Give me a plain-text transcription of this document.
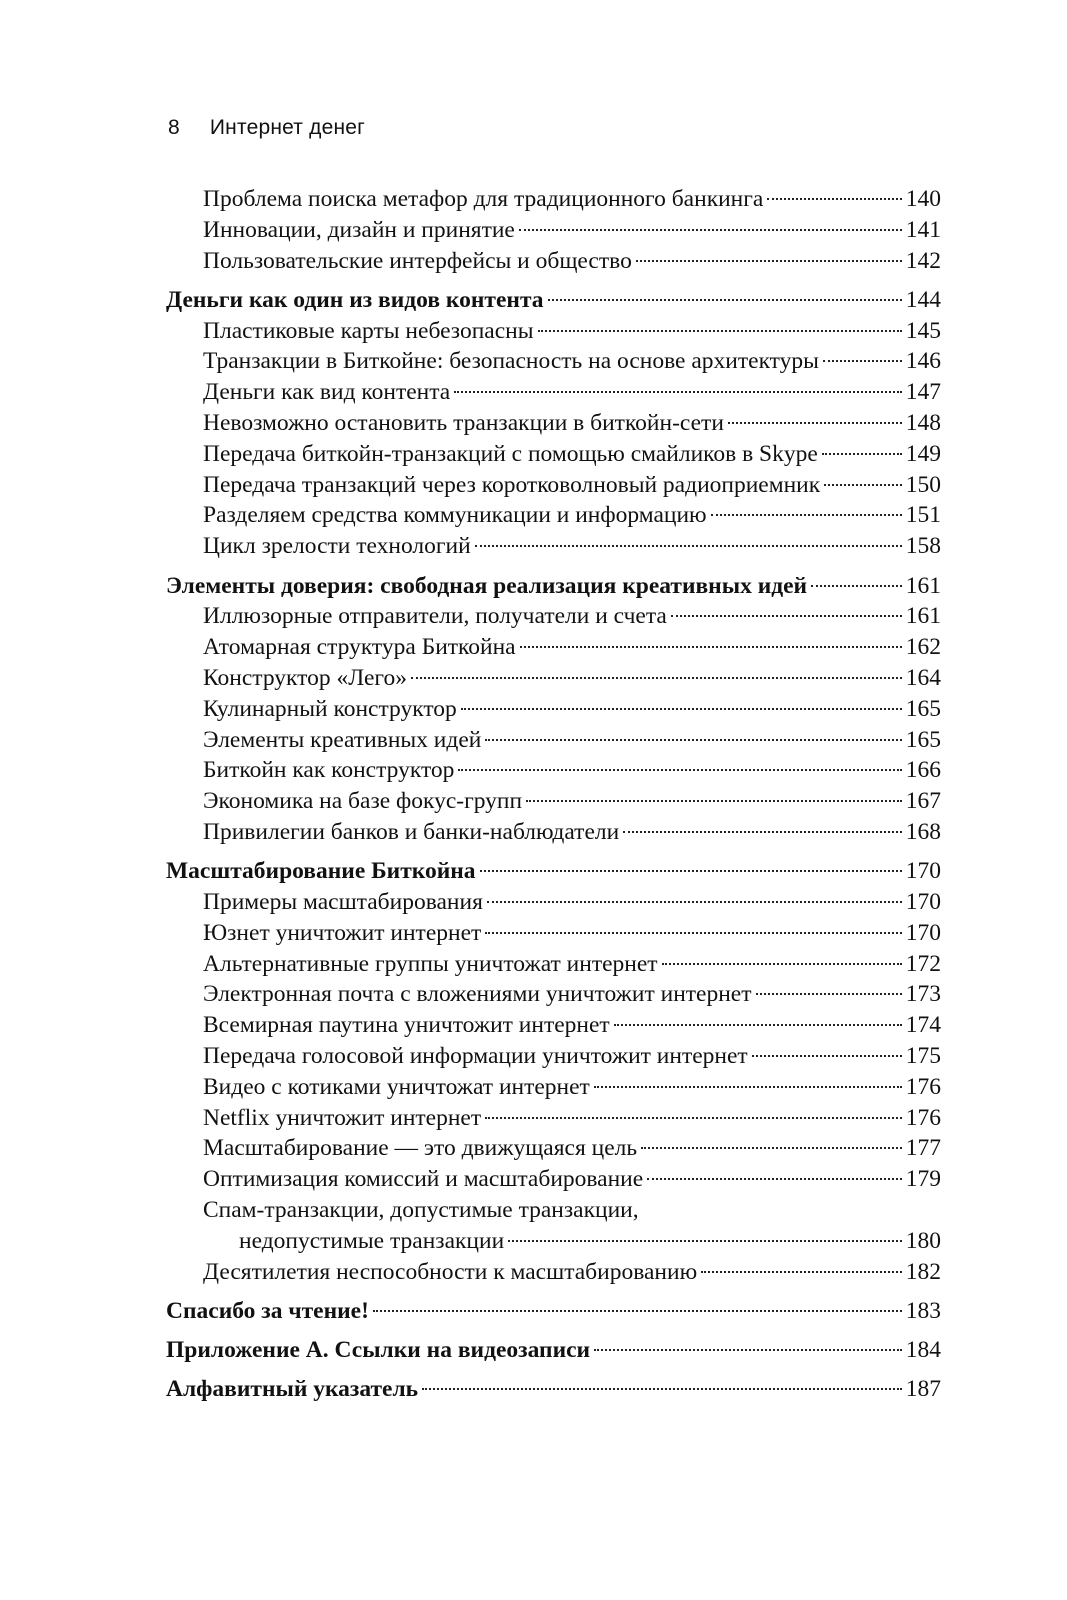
8 Интернет денег
Проблема поиска метафор для традиционного банкинга	140
Инновации, дизайн и принятие	141
Пользовательские интерфейсы и общество	142
Деньги как один из видов контента	144
Пластиковые карты небезопасны	145
Транзакции в Биткойне: безопасность на основе архитектуры	146
Деньги как вид контента	147
Невозможно остановить транзакции в биткойн-сети	148
Передача биткойн-транзакций с помощью смайликов в Skype	149
Передача транзакций через коротковолновый радиоприемник	150
Разделяем средства коммуникации и информацию	151
Цикл зрелости технологий	158
Элементы доверия: свободная реализация креативных идей	161
Иллюзорные отправители, получатели и счета	161
Атомарная структура Биткойна	162
Конструктор «Лего»	164
Кулинарный конструктор	165
Элементы креативных идей	165
Биткойн как конструктор	166
Экономика на базе фокус-групп	167
Привилегии банков и банки-наблюдатели	168
Масштабирование Биткойна	170
Примеры масштабирования	170
Юзнет уничтожит интернет	170
Альтернативные группы уничтожат интернет	172
Электронная почта с вложениями уничтожит интернет	173
Всемирная паутина уничтожит интернет	174
Передача голосовой информации уничтожит интернет	175
Видео с котиками уничтожат интернет	176
Netflix уничтожит интернет	176
Масштабирование — это движущаяся цель	177
Оптимизация комиссий и масштабирование	179
Спам-транзакции, допустимые транзакции,
недопустимые транзакции	180
Десятилетия неспособности к масштабированию	182
Спасибо за чтение!	183
Приложение А. Ссылки на видеозаписи	184
Алфавитный указатель	187
